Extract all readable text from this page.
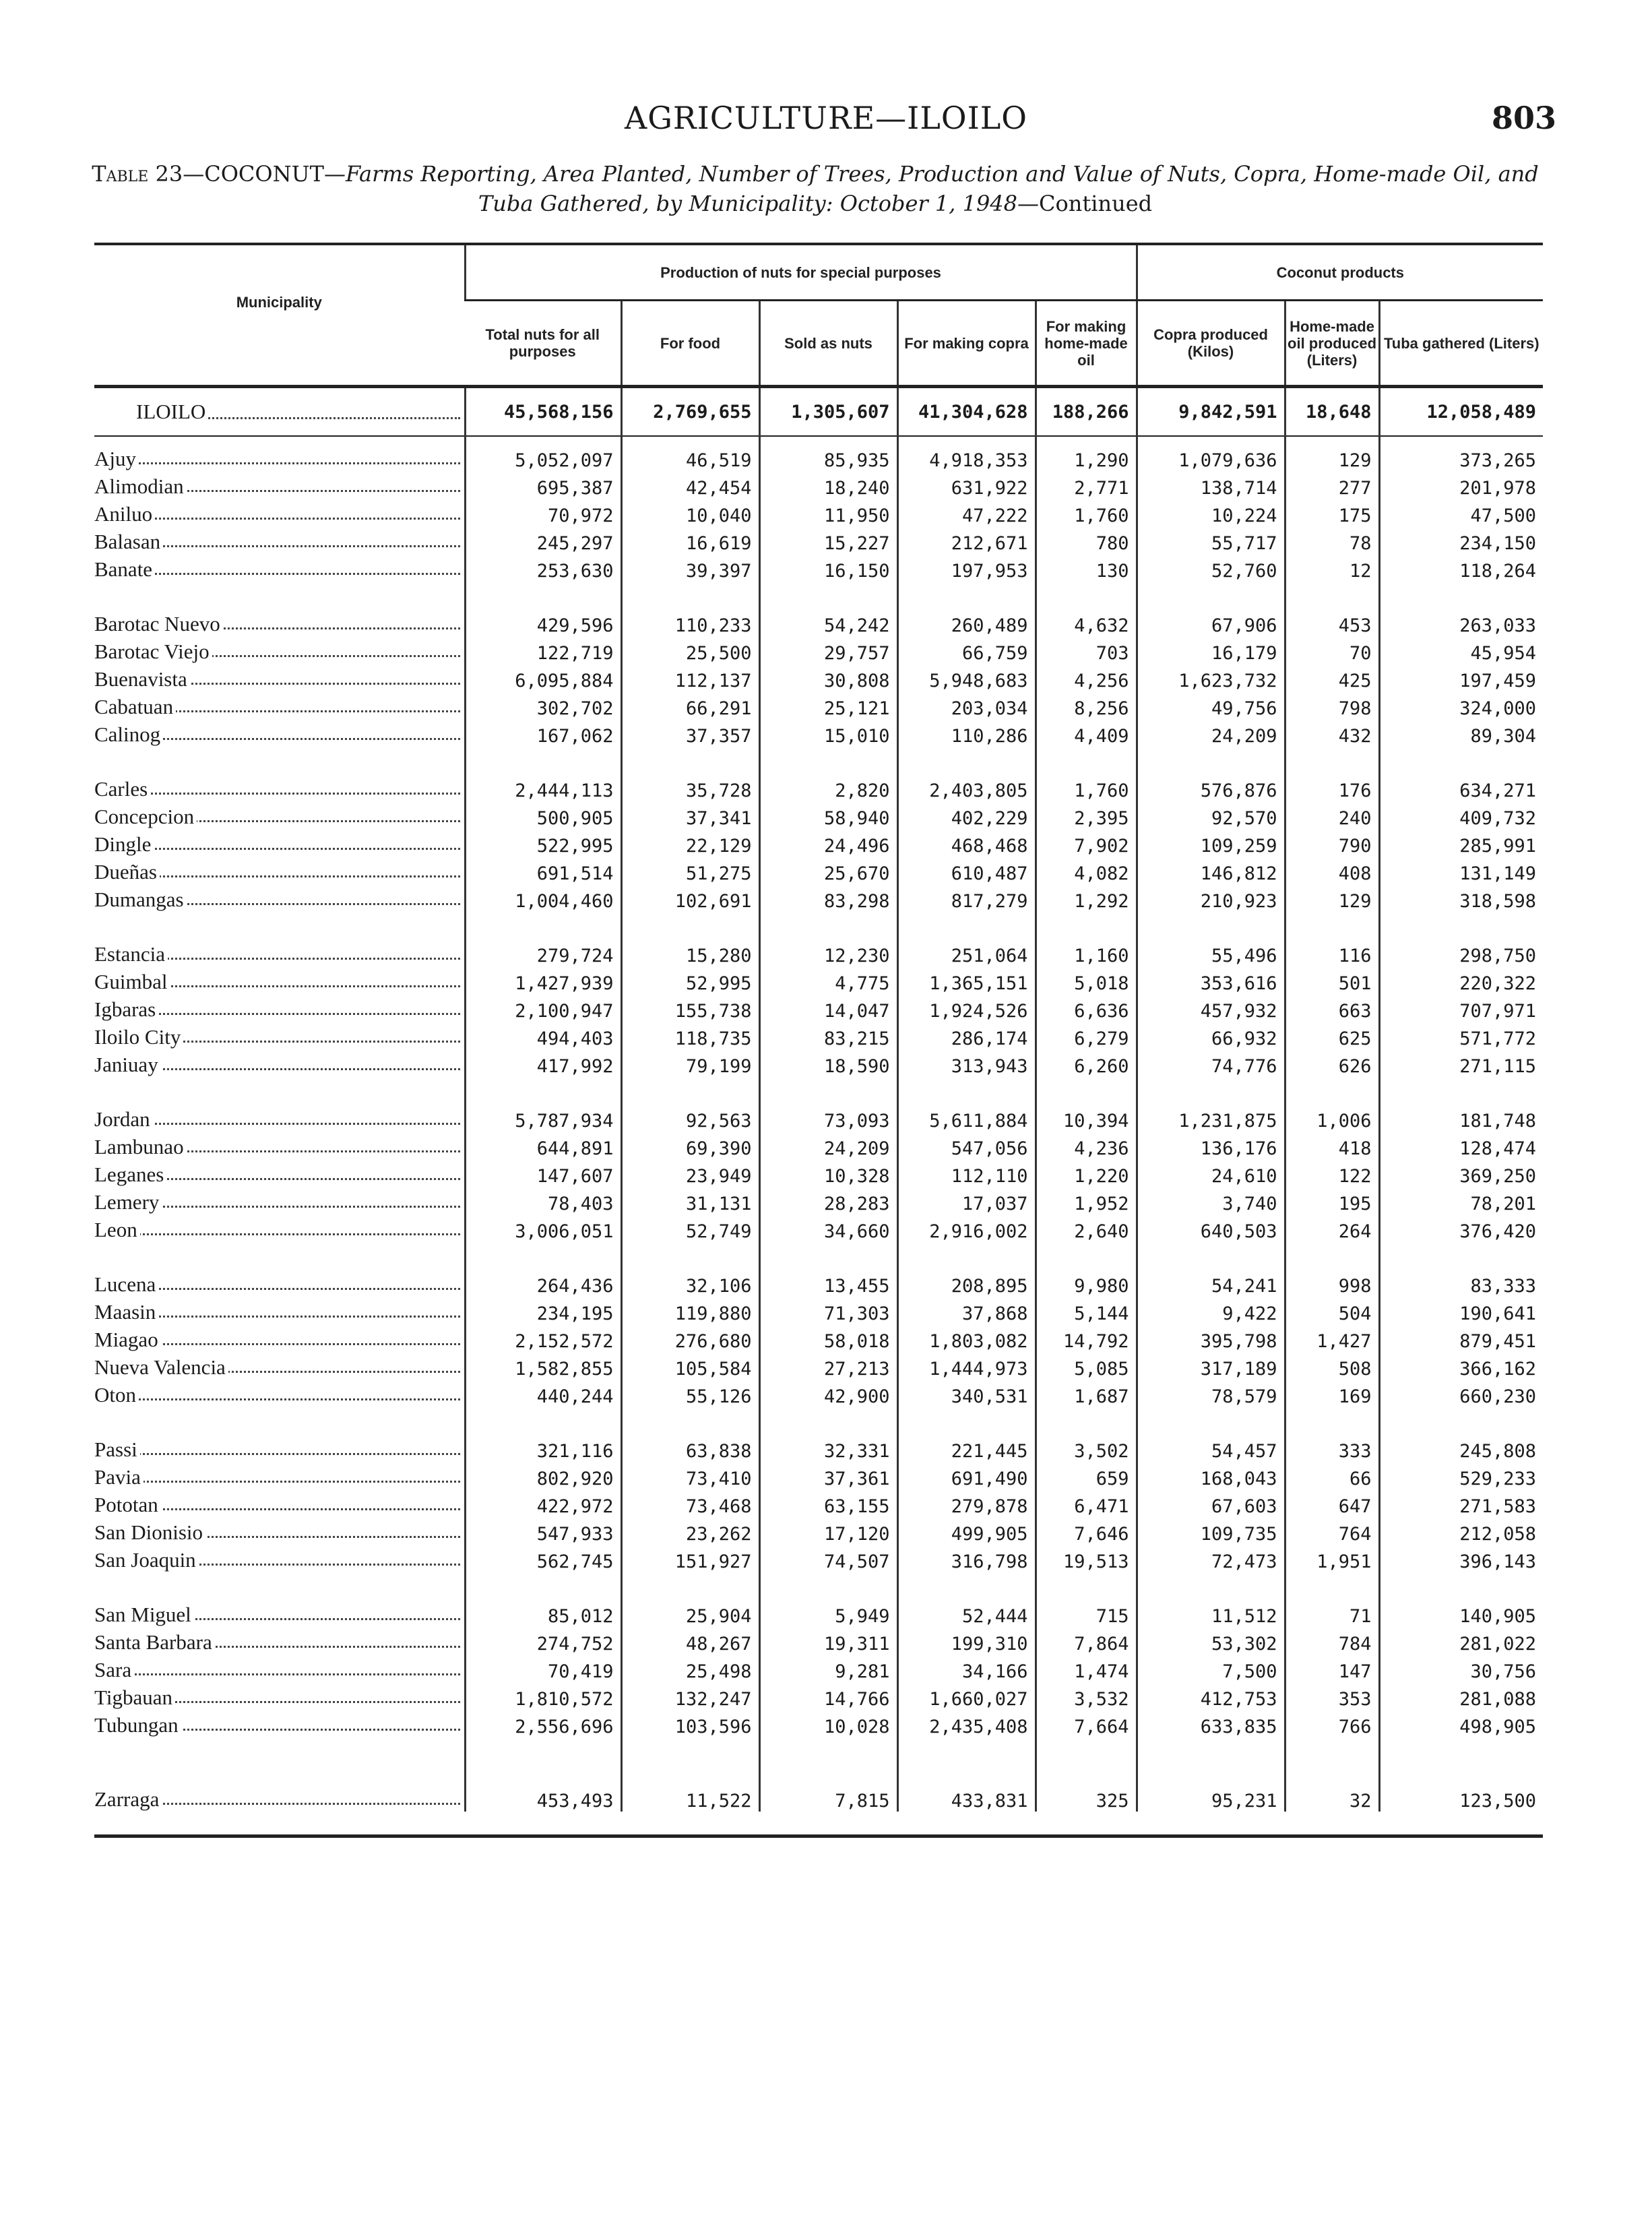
AGRICULTURE—ILOILO	803
Table 23—COCONUT—Farms Reporting, Area Planted, Number of Trees, Production and Value of Nuts, Copra, Home-made Oil, and Tuba Gathered, by Municipality: October 1, 1948—Continued
Municipality	Production of nuts for special purposes					Coconut products		
	Total nuts for all purposes	For food	Sold as nuts	For making copra	For making home-made oil	Copra produced (Kilos)	Home-made oil produced (Liters)	Tuba gathered (Liters)
ILOILO	45,568,156	2,769,655	1,305,607	41,304,628	188,266	9,842,591	18,648	12,058,489
Ajuy	5,052,097	46,519	85,935	4,918,353	1,290	1,079,636	129	373,265
Alimodian	695,387	42,454	18,240	631,922	2,771	138,714	277	201,978
Aniluo	70,972	10,040	11,950	47,222	1,760	10,224	175	47,500
Balasan	245,297	16,619	15,227	212,671	780	55,717	78	234,150
Banate	253,630	39,397	16,150	197,953	130	52,760	12	118,264

Barotac Nuevo	429,596	110,233	54,242	260,489	4,632	67,906	453	263,033
Barotac Viejo	122,719	25,500	29,757	66,759	703	16,179	70	45,954
Buenavista	6,095,884	112,137	30,808	5,948,683	4,256	1,623,732	425	197,459
Cabatuan	302,702	66,291	25,121	203,034	8,256	49,756	798	324,000
Calinog	167,062	37,357	15,010	110,286	4,409	24,209	432	89,304

Carles	2,444,113	35,728	2,820	2,403,805	1,760	576,876	176	634,271
Concepcion	500,905	37,341	58,940	402,229	2,395	92,570	240	409,732
Dingle	522,995	22,129	24,496	468,468	7,902	109,259	790	285,991
Dueñas	691,514	51,275	25,670	610,487	4,082	146,812	408	131,149
Dumangas	1,004,460	102,691	83,298	817,279	1,292	210,923	129	318,598

Estancia	279,724	15,280	12,230	251,064	1,160	55,496	116	298,750
Guimbal	1,427,939	52,995	4,775	1,365,151	5,018	353,616	501	220,322
Igbaras	2,100,947	155,738	14,047	1,924,526	6,636	457,932	663	707,971
Iloilo City	494,403	118,735	83,215	286,174	6,279	66,932	625	571,772
Janiuay	417,992	79,199	18,590	313,943	6,260	74,776	626	271,115

Jordan	5,787,934	92,563	73,093	5,611,884	10,394	1,231,875	1,006	181,748
Lambunao	644,891	69,390	24,209	547,056	4,236	136,176	418	128,474
Leganes	147,607	23,949	10,328	112,110	1,220	24,610	122	369,250
Lemery	78,403	31,131	28,283	17,037	1,952	3,740	195	78,201
Leon	3,006,051	52,749	34,660	2,916,002	2,640	640,503	264	376,420

Lucena	264,436	32,106	13,455	208,895	9,980	54,241	998	83,333
Maasin	234,195	119,880	71,303	37,868	5,144	9,422	504	190,641
Miagao	2,152,572	276,680	58,018	1,803,082	14,792	395,798	1,427	879,451
Nueva Valencia	1,582,855	105,584	27,213	1,444,973	5,085	317,189	508	366,162
Oton	440,244	55,126	42,900	340,531	1,687	78,579	169	660,230

Passi	321,116	63,838	32,331	221,445	3,502	54,457	333	245,808
Pavia	802,920	73,410	37,361	691,490	659	168,043	66	529,233
Pototan	422,972	73,468	63,155	279,878	6,471	67,603	647	271,583
San Dionisio	547,933	23,262	17,120	499,905	7,646	109,735	764	212,058
San Joaquin	562,745	151,927	74,507	316,798	19,513	72,473	1,951	396,143

San Miguel	85,012	25,904	5,949	52,444	715	11,512	71	140,905
Santa Barbara	274,752	48,267	19,311	199,310	7,864	53,302	784	281,022
Sara	70,419	25,498	9,281	34,166	1,474	7,500	147	30,756
Tigbauan	1,810,572	132,247	14,766	1,660,027	3,532	412,753	353	281,088
Tubungan	2,556,696	103,596	10,028	2,435,408	7,664	633,835	766	498,905

Zarraga	453,493	11,522	7,815	433,831	325	95,231	32	123,500
